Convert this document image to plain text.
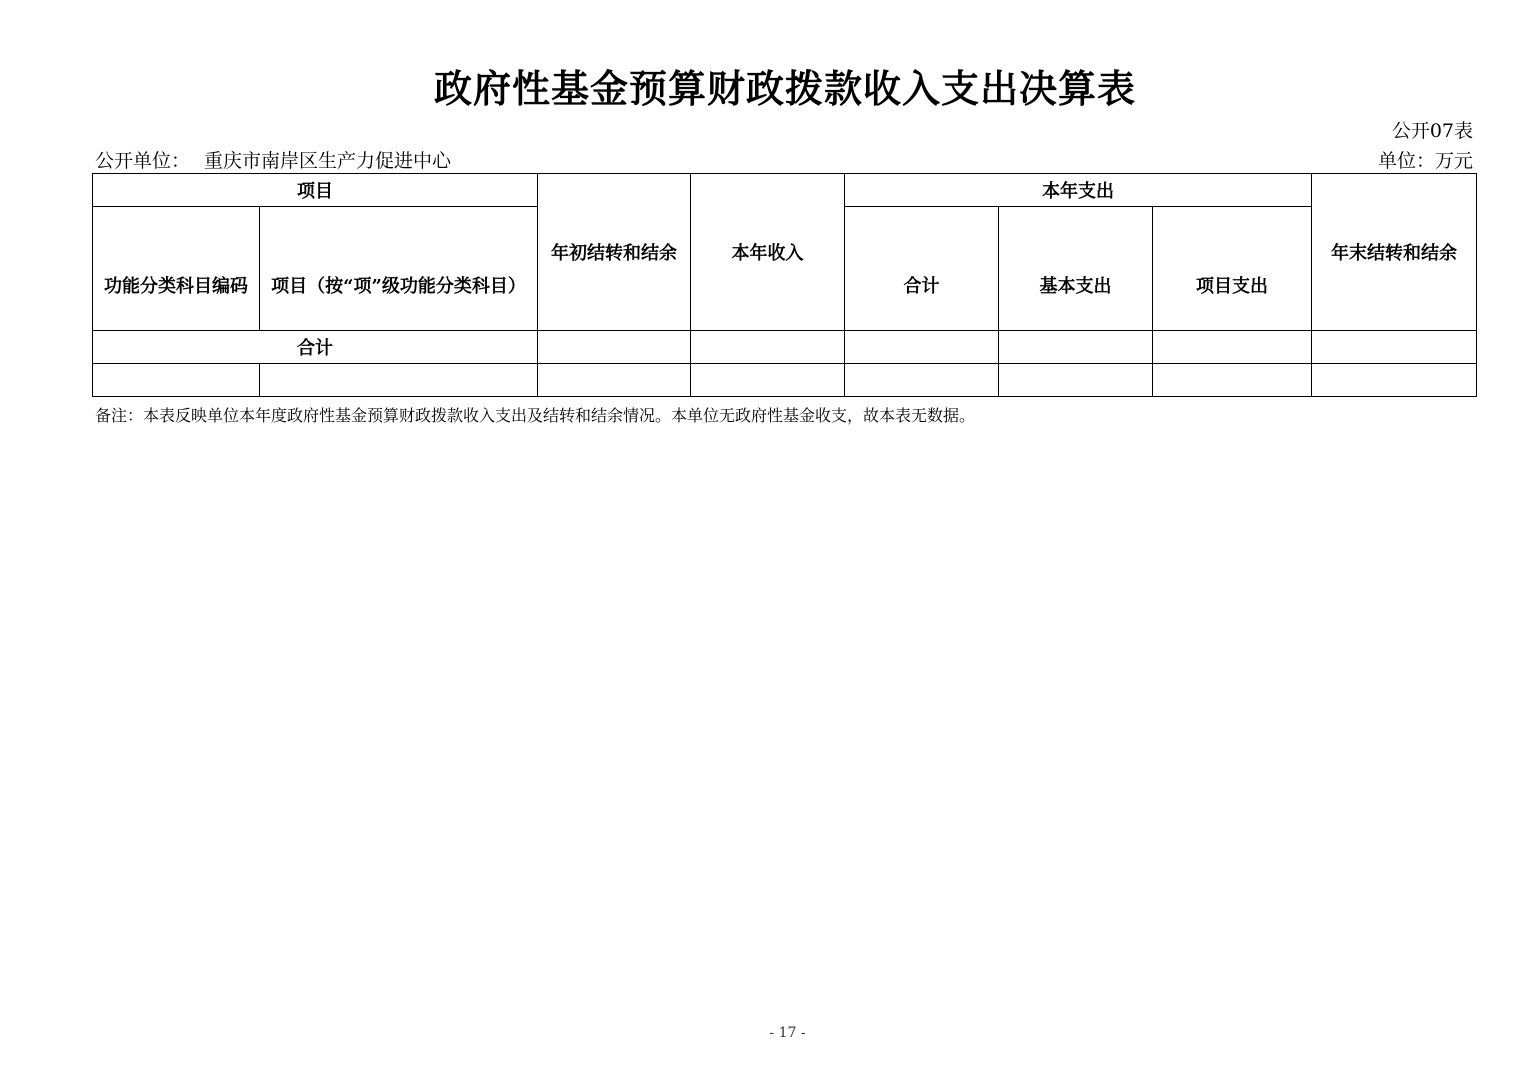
政府性基金预算财政拨款收入支出决算表
公开07表
公开单位： 重庆市南岸区生产力促进中心	单位：万元
项目		年初结转和结余	本年收入	本年支出			年末结转和结余
功能分类科目编码	项目（按“项”级功能分类科目）			合计	基本支出	项目支出	
合计							

备注：本表反映单位本年度政府性基金预算财政拨款收入支出及结转和结余情况。本单位无政府性基金收支，故本表无数据。
- 17 -
